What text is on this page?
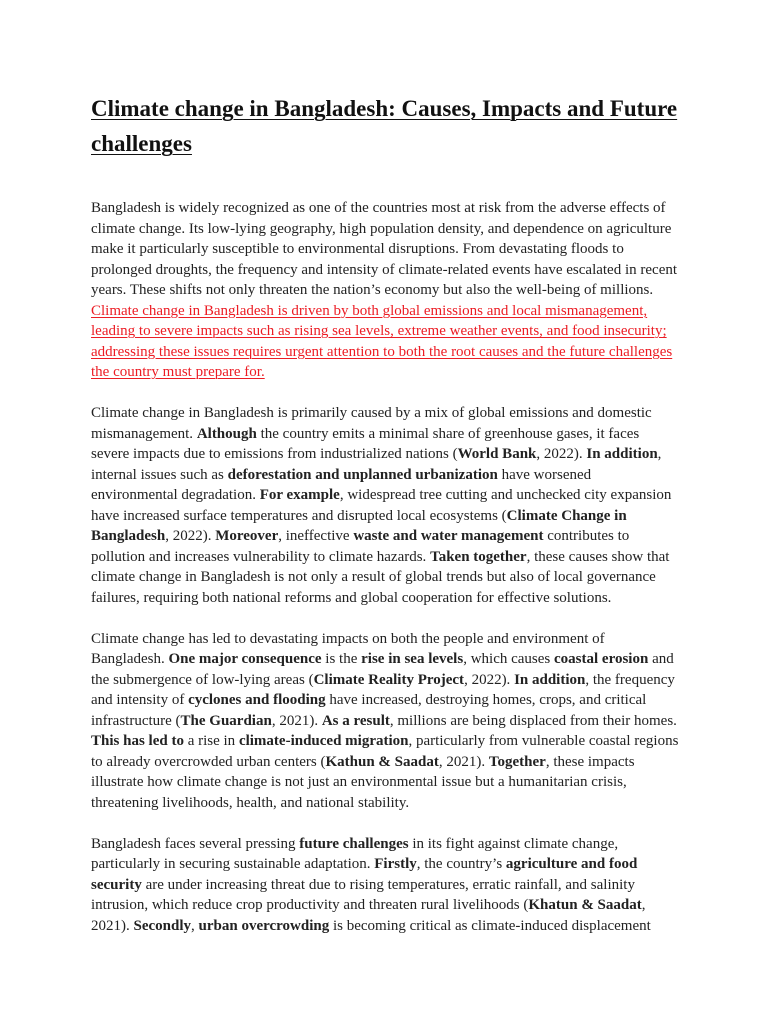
Climate change in Bangladesh: Causes, Impacts and Future challenges

Bangladesh is widely recognized as one of the countries most at risk from the adverse effects of climate change. Its low-lying geography, high population density, and dependence on agriculture make it particularly susceptible to environmental disruptions. From devastating floods to prolonged droughts, the frequency and intensity of climate-related events have escalated in recent years. These shifts not only threaten the nation’s economy but also the well-being of millions. Climate change in Bangladesh is driven by both global emissions and local mismanagement, leading to severe impacts such as rising sea levels, extreme weather events, and food insecurity; addressing these issues requires urgent attention to both the root causes and the future challenges the country must prepare for.

Climate change in Bangladesh is primarily caused by a mix of global emissions and domestic mismanagement. Although the country emits a minimal share of greenhouse gases, it faces severe impacts due to emissions from industrialized nations (World Bank, 2022). In addition, internal issues such as deforestation and unplanned urbanization have worsened environmental degradation. For example, widespread tree cutting and unchecked city expansion have increased surface temperatures and disrupted local ecosystems (Climate Change in Bangladesh, 2022). Moreover, ineffective waste and water management contributes to pollution and increases vulnerability to climate hazards. Taken together, these causes show that climate change in Bangladesh is not only a result of global trends but also of local governance failures, requiring both national reforms and global cooperation for effective solutions.

Climate change has led to devastating impacts on both the people and environment of Bangladesh. One major consequence is the rise in sea levels, which causes coastal erosion and the submergence of low-lying areas (Climate Reality Project, 2022). In addition, the frequency and intensity of cyclones and flooding have increased, destroying homes, crops, and critical infrastructure (The Guardian, 2021). As a result, millions are being displaced from their homes. This has led to a rise in climate-induced migration, particularly from vulnerable coastal regions to already overcrowded urban centers (Kathun & Saadat, 2021). Together, these impacts illustrate how climate change is not just an environmental issue but a humanitarian crisis, threatening livelihoods, health, and national stability.

Bangladesh faces several pressing future challenges in its fight against climate change, particularly in securing sustainable adaptation. Firstly, the country’s agriculture and food security are under increasing threat due to rising temperatures, erratic rainfall, and salinity intrusion, which reduce crop productivity and threaten rural livelihoods (Khatun & Saadat, 2021). Secondly, urban overcrowding is becoming critical as climate-induced displacement
